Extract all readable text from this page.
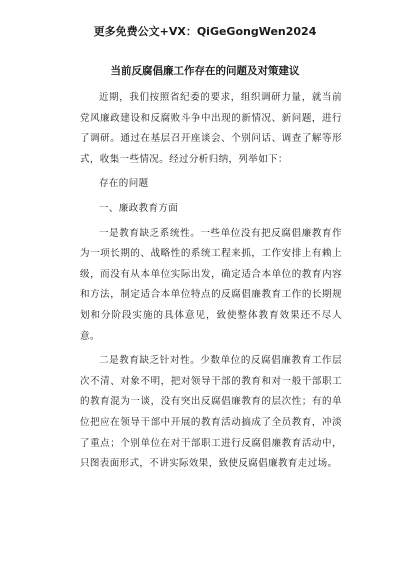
更多免费公文+VX：QiGeGongWen2024
当前反腐倡廉工作存在的问题及对策建议

近期，我们按照省纪委的要求，组织调研力量，就当前党风廉政建设和反腐败斗争中出现的新情况、新问题，进行了调研。通过在基层召开座谈会、个别问话、调查了解等形式，收集一些情况。经过分析归纳，列举如下：

存在的问题

一、廉政教育方面

一是教育缺乏系统性。一些单位没有把反腐倡廉教育作为一项长期的、战略性的系统工程来抓，工作安排上有赖上级，而没有从本单位实际出发，确定适合本单位的教育内容和方法，制定适合本单位特点的反腐倡廉教育工作的长期规划和分阶段实施的具体意见，致使整体教育效果还不尽人意。

二是教育缺乏针对性。少数单位的反腐倡廉教育工作层次不清、对象不明，把对领导干部的教育和对一般干部职工的教育混为一谈，没有突出反腐倡廉教育的层次性；有的单位把应在领导干部中开展的教育活动搞成了全员教育，冲淡了重点；个别单位在对干部职工进行反腐倡廉教育活动中，只图表面形式，不讲实际效果，致使反腐倡廉教育走过场。
